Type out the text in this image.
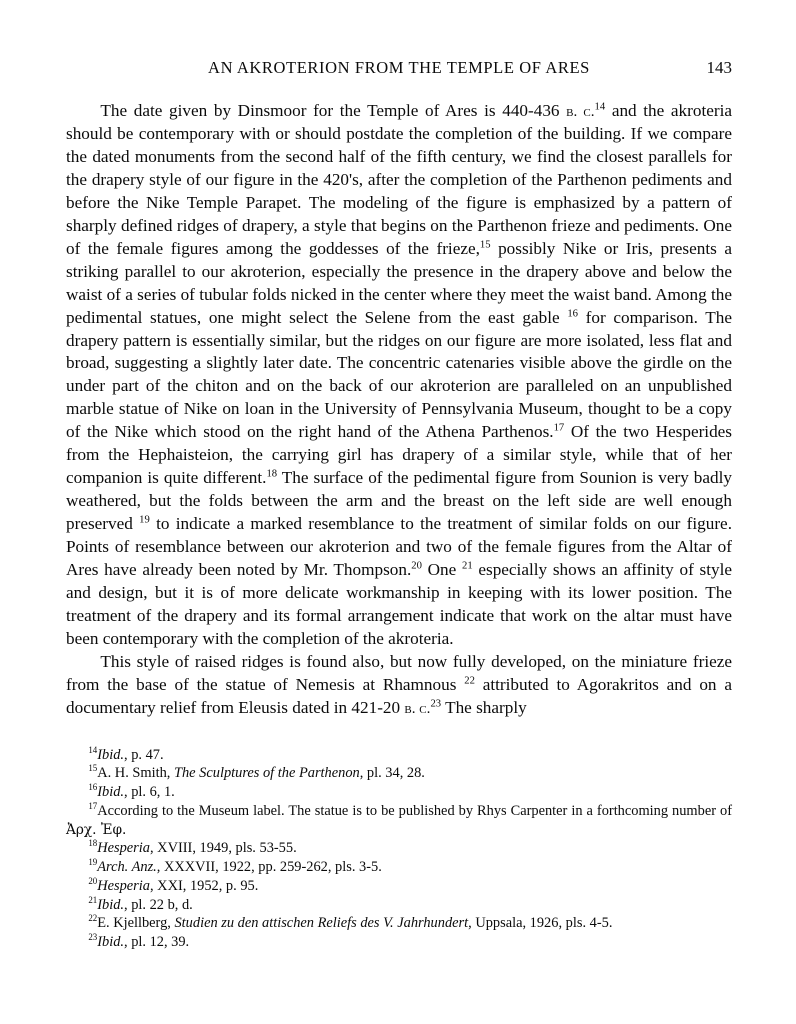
AN AKROTERION FROM THE TEMPLE OF ARES	143

The date given by Dinsmoor for the Temple of Ares is 440-436 b. c.$^{14}$ and the akroteria should be contemporary with or should postdate the completion of the building. If we compare the dated monuments from the second half of the fifth century, we find the closest parallels for the drapery style of our figure in the 420's, after the completion of the Parthenon pediments and before the Nike Temple Parapet. The modeling of the figure is emphasized by a pattern of sharply defined ridges of drapery, a style that begins on the Parthenon frieze and pediments. One of the female figures among the goddesses of the frieze,$^{15}$ possibly Nike or Iris, presents a striking parallel to our akroterion, especially the presence in the drapery above and below the waist of a series of tubular folds nicked in the center where they meet the waist band. Among the pedimental statues, one might select the Selene from the east gable $^{16}$ for comparison. The drapery pattern is essentially similar, but the ridges on our figure are more isolated, less flat and broad, suggesting a slightly later date. The concentric catenaries visible above the girdle on the under part of the chiton and on the back of our akroterion are paralleled on an unpublished marble statue of Nike on loan in the University of Pennsylvania Museum, thought to be a copy of the Nike which stood on the right hand of the Athena Parthenos.$^{17}$ Of the two Hesperides from the Hephaisteion, the carrying girl has drapery of a similar style, while that of her companion is quite different.$^{18}$ The surface of the pedimental figure from Sounion is very badly weathered, but the folds between the arm and the breast on the left side are well enough preserved $^{19}$ to indicate a marked resemblance to the treatment of similar folds on our figure. Points of resemblance between our akroterion and two of the female figures from the Altar of Ares have already been noted by Mr. Thompson.$^{20}$ One $^{21}$ especially shows an affinity of style and design, but it is of more delicate workmanship in keeping with its lower position. The treatment of the drapery and its formal arrangement indicate that work on the altar must have been contemporary with the completion of the akroteria.

This style of raised ridges is found also, but now fully developed, on the miniature frieze from the base of the statue of Nemesis at Rhamnous $^{22}$ attributed to Agorakritos and on a documentary relief from Eleusis dated in 421-20 b. c.$^{23}$ The sharply

$^{14}$Ibid., p. 47.

$^{15}$A. H. Smith, The Sculptures of the Parthenon, pl. 34, 28.

$^{16}$Ibid., pl. 6, 1.

$^{17}$According to the Museum label. The statue is to be published by Rhys Carpenter in a forthcoming number of Ἀρχ. Ἐφ.

$^{18}$Hesperia, XVIII, 1949, pls. 53-55.

$^{19}$Arch. Anz., XXXVII, 1922, pp. 259-262, pls. 3-5.

$^{20}$Hesperia, XXI, 1952, p. 95.

$^{21}$Ibid., pl. 22 b, d.

$^{22}$E. Kjellberg, Studien zu den attischen Reliefs des V. Jahrhundert, Uppsala, 1926, pls. 4-5.

$^{23}$Ibid., pl. 12, 39.
